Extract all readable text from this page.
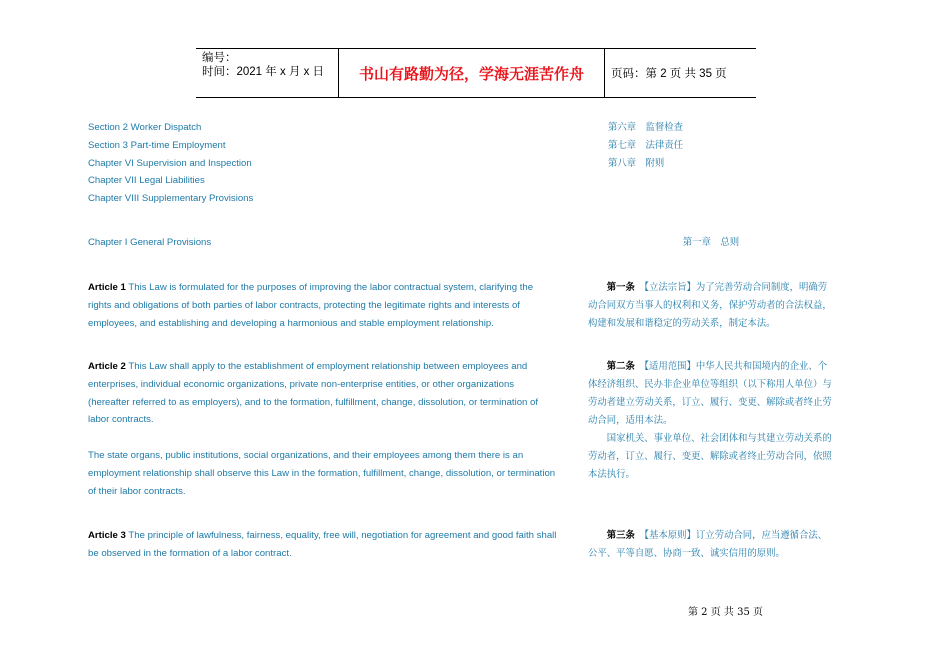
编号：
时间：2021 年 x 月 x 日	书山有路勤为径，学海无涯苦作舟	页码：第 2 页 共 35 页

Section 2 Worker Dispatch

Section 3 Part-time Employment

Chapter VI Supervision and Inspection

Chapter VII Legal Liabilities

Chapter VIII Supplementary Provisions

第六章　监督检查

第七章　法律责任

第八章　附则

Chapter I General Provisions	第一章　总则

Article 1 This Law is formulated for the purposes of improving the labor contractual system, clarifying the rights and obligations of both parties of labor contracts, protecting the legitimate rights and interests of employees, and establishing and developing a harmonious and stable employment relationship.

第一条　【立法宗旨】为了完善劳动合同制度，明确劳动合同双方当事人的权利和义务，保护劳动者的合法权益，构建和发展和谐稳定的劳动关系，制定本法。

Article 2 This Law shall apply to the establishment of employment relationship between employees and enterprises, individual economic organizations, private non-enterprise entities, or other organizations (hereafter referred to as employers), and to the formation, fulfillment, change, dissolution, or termination of labor contracts.

The state organs, public institutions, social organizations, and their employees among them there is an employment relationship shall observe this Law in the formation, fulfillment, change, dissolution, or termination of their labor contracts.

第二条　【适用范围】中华人民共和国境内的企业、个体经济组织、民办非企业单位等组织（以下称用人单位）与劳动者建立劳动关系，订立、履行、变更、解除或者终止劳动合同，适用本法。

国家机关、事业单位、社会团体和与其建立劳动关系的劳动者，订立、履行、变更、解除或者终止劳动合同，依照本法执行。

Article 3 The principle of lawfulness, fairness, equality, free will, negotiation for agreement and good faith shall be observed in the formation of a labor contract.

第三条　【基本原则】订立劳动合同，应当遵循合法、公平、平等自愿、协商一致、诚实信用的原则。

第 2 页 共 35 页
